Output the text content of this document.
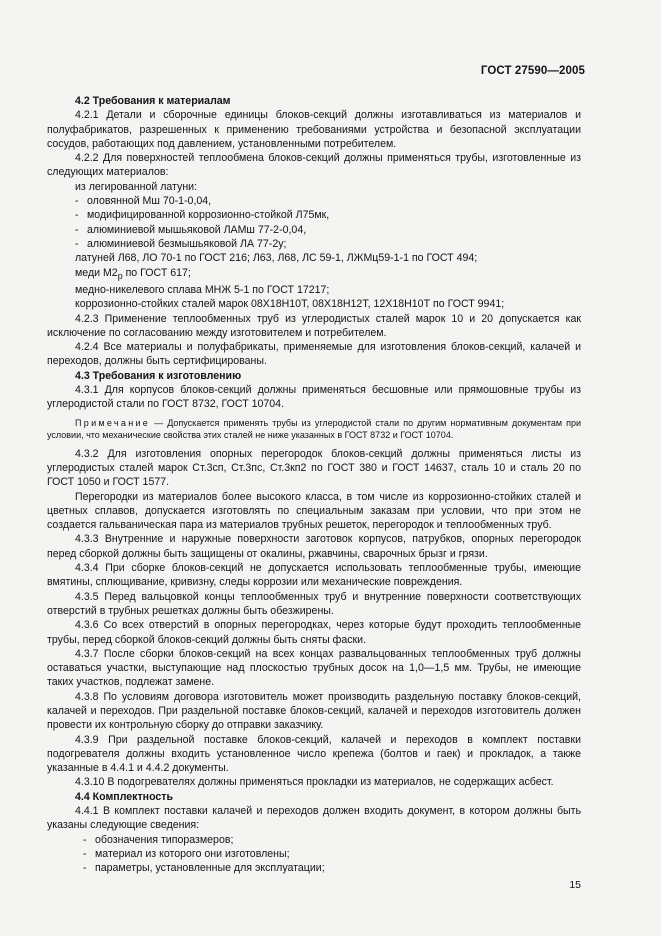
ГОСТ 27590—2005

4.2 Требования к материалам

4.2.1 Детали и сборочные единицы блоков-секций должны изготавливаться из материалов и полуфабрикатов, разрешенных к применению требованиями устройства и безопасной эксплуатации сосудов, работающих под давлением, установленными потребителем.

4.2.2 Для поверхностей теплообмена блоков-секций должны применяться трубы, изготовленные из следующих материалов:

из легированной латуни:

- оловянной Мш 70-1-0,04,

- модифицированной коррозионно-стойкой Л75мк,

- алюминиевой мышьяковой ЛАМш 77-2-0,04,

- алюминиевой безмышьяковой ЛА 77-2у;

латуней Л68, ЛО 70-1 по ГОСТ 216; Л63, Л68, ЛС 59-1, ЛЖМц59-1-1 по ГОСТ 494;

меди $М2_р$ по ГОСТ 617;

медно-никелевого сплава МНЖ 5-1 по ГОСТ 17217;

коррозионно-стойких сталей марок 08Х18Н10Т, 08Х18Н12Т, 12Х18Н10Т по ГОСТ 9941;

4.2.3 Применение теплообменных труб из углеродистых сталей марок 10 и 20 допускается как исключение по согласованию между изготовителем и потребителем.

4.2.4 Все материалы и полуфабрикаты, применяемые для изготовления блоков-секций, калачей и переходов, должны быть сертифицированы.

4.3 Требования к изготовлению

4.3.1 Для корпусов блоков-секций должны применяться бесшовные или прямошовные трубы из углеродистой стали по ГОСТ 8732, ГОСТ 10704.

Примечание — Допускается применять трубы из углеродистой стали по другим нормативным документам при условии, что механические свойства этих сталей не ниже указанных в ГОСТ 8732 и ГОСТ 10704.

4.3.2 Для изготовления опорных перегородок блоков-секций должны применяться листы из углеродистых сталей марок Ст.3сп, Ст.3пс, Ст.3кп2 по ГОСТ 380 и ГОСТ 14637, сталь 10 и сталь 20 по ГОСТ 1050 и ГОСТ 1577.

Перегородки из материалов более высокого класса, в том числе из коррозионно-стойких сталей и цветных сплавов, допускается изготовлять по специальным заказам при условии, что при этом не создается гальваническая пара из материалов трубных решеток, перегородок и теплообменных труб.

4.3.3 Внутренние и наружные поверхности заготовок корпусов, патрубков, опорных перегородок перед сборкой должны быть защищены от окалины, ржавчины, сварочных брызг и грязи.

4.3.4 При сборке блоков-секций не допускается использовать теплообменные трубы, имеющие вмятины, сплющивание, кривизну, следы коррозии или механические повреждения.

4.3.5 Перед вальцовкой концы теплообменных труб и внутренние поверхности соответствующих отверстий в трубных решетках должны быть обезжирены.

4.3.6 Со всех отверстий в опорных перегородках, через которые будут проходить теплообменные трубы, перед сборкой блоков-секций должны быть сняты фаски.

4.3.7 После сборки блоков-секций на всех концах развальцованных теплообменных труб должны оставаться участки, выступающие над плоскостью трубных досок на 1,0—1,5 мм. Трубы, не имеющие таких участков, подлежат замене.

4.3.8 По условиям договора изготовитель может производить раздельную поставку блоков-секций, калачей и переходов. При раздельной поставке блоков-секций, калачей и переходов изготовитель должен провести их контрольную сборку до отправки заказчику.

4.3.9 При раздельной поставке блоков-секций, калачей и переходов в комплект поставки подогревателя должны входить установленное число крепежа (болтов и гаек) и прокладок, а также указанные в 4.4.1 и 4.4.2 документы.

4.3.10 В подогревателях должны применяться прокладки из материалов, не содержащих асбест.

4.4 Комплектность

4.4.1 В комплект поставки калачей и переходов должен входить документ, в котором должны быть указаны следующие сведения:

- обозначения типоразмеров;

- материал из которого они изготовлены;

- параметры, установленные для эксплуатации;

15
